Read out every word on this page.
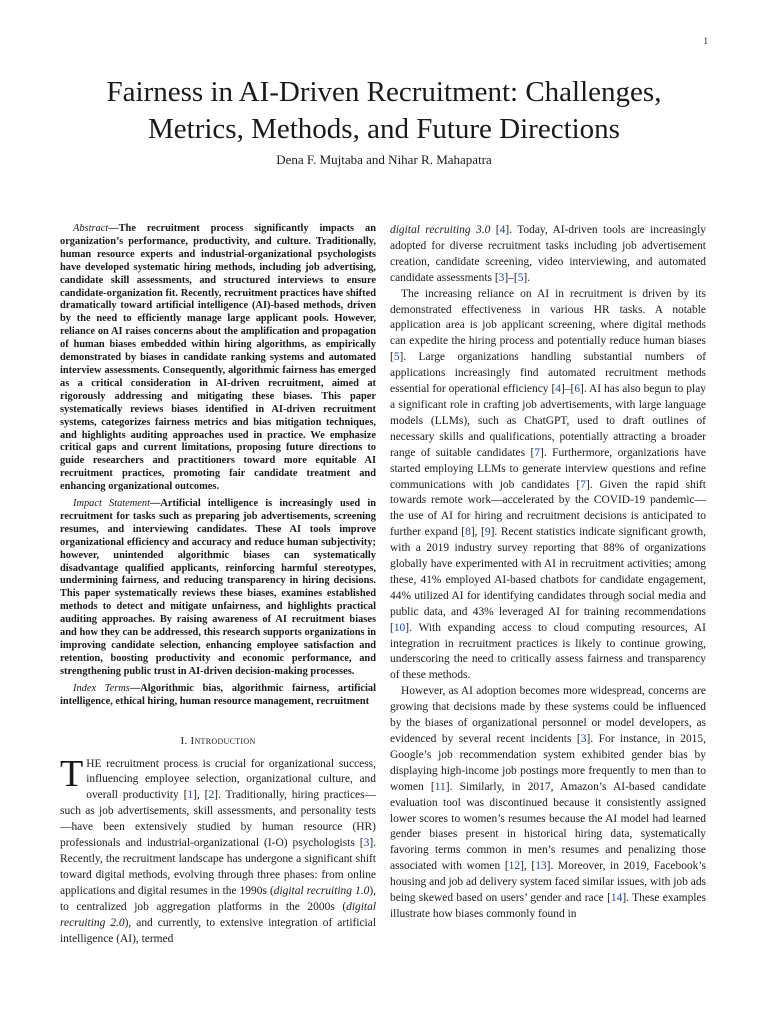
1
Fairness in AI-Driven Recruitment: Challenges, Metrics, Methods, and Future Directions
Dena F. Mujtaba and Nihar R. Mahapatra

Abstract—The recruitment process significantly impacts an organization’s performance, productivity, and culture. Traditionally, human resource experts and industrial-organizational psychologists have developed systematic hiring methods, including job advertising, candidate skill assessments, and structured interviews to ensure candidate-organization fit. Recently, recruitment practices have shifted dramatically toward artificial intelligence (AI)-based methods, driven by the need to efficiently manage large applicant pools. However, reliance on AI raises concerns about the amplification and propagation of human biases embedded within hiring algorithms, as empirically demonstrated by biases in candidate ranking systems and automated interview assessments. Consequently, algorithmic fairness has emerged as a critical consideration in AI-driven recruitment, aimed at rigorously addressing and mitigating these biases. This paper systematically reviews biases identified in AI-driven recruitment systems, categorizes fairness metrics and bias mitigation techniques, and highlights auditing approaches used in practice. We emphasize critical gaps and current limitations, proposing future directions to guide researchers and practitioners toward more equitable AI recruitment practices, promoting fair candidate treatment and enhancing organizational outcomes.

Impact Statement—Artificial intelligence is increasingly used in recruitment for tasks such as preparing job advertisements, screening resumes, and interviewing candidates. These AI tools improve organizational efficiency and accuracy and reduce human subjectivity; however, unintended algorithmic biases can systematically disadvantage qualified applicants, reinforcing harmful stereotypes, undermining fairness, and reducing transparency in hiring decisions. This paper systematically reviews these biases, examines established methods to detect and mitigate unfairness, and highlights practical auditing approaches. By raising awareness of AI recruitment biases and how they can be addressed, this research supports organizations in improving candidate selection, enhancing employee satisfaction and retention, boosting productivity and economic performance, and strengthening public trust in AI-driven decision-making processes.

Index Terms—Algorithmic bias, algorithmic fairness, artificial intelligence, ethical hiring, human resource management, recruitment

I. Introduction

THE recruitment process is crucial for organizational success, influencing employee selection, organizational culture, and overall productivity [1], [2]. Traditionally, hiring practices—such as job advertisements, skill assessments, and personality tests—have been extensively studied by human resource (HR) professionals and industrial-organizational (I-O) psychologists [3]. Recently, the recruitment landscape has undergone a significant shift toward digital methods, evolving through three phases: from online applications and digital resumes in the 1990s (digital recruiting 1.0), to centralized job aggregation platforms in the 2000s (digital recruiting 2.0), and currently, to extensive integration of artificial intelligence (AI), termed

digital recruiting 3.0 [4]. Today, AI-driven tools are increasingly adopted for diverse recruitment tasks including job advertisement creation, candidate screening, video interviewing, and automated candidate assessments [3]–[5].

The increasing reliance on AI in recruitment is driven by its demonstrated effectiveness in various HR tasks. A notable application area is job applicant screening, where digital methods can expedite the hiring process and potentially reduce human biases [5]. Large organizations handling substantial numbers of applications increasingly find automated recruitment methods essential for operational efficiency [4]–[6]. AI has also begun to play a significant role in crafting job advertisements, with large language models (LLMs), such as ChatGPT, used to draft outlines of necessary skills and qualifications, potentially attracting a broader range of suitable candidates [7]. Furthermore, organizations have started employing LLMs to generate interview questions and refine communications with job candidates [7]. Given the rapid shift towards remote work—accelerated by the COVID-19 pandemic—the use of AI for hiring and recruitment decisions is anticipated to further expand [8], [9]. Recent statistics indicate significant growth, with a 2019 industry survey reporting that 88% of organizations globally have experimented with AI in recruitment activities; among these, 41% employed AI-based chatbots for candidate engagement, 44% utilized AI for identifying candidates through social media and public data, and 43% leveraged AI for training recommendations [10]. With expanding access to cloud computing resources, AI integration in recruitment practices is likely to continue growing, underscoring the need to critically assess fairness and transparency of these methods.

However, as AI adoption becomes more widespread, concerns are growing that decisions made by these systems could be influenced by the biases of organizational personnel or model developers, as evidenced by several recent incidents [3]. For instance, in 2015, Google’s job recommendation system exhibited gender bias by displaying high-income job postings more frequently to men than to women [11]. Similarly, in 2017, Amazon’s AI-based candidate evaluation tool was discontinued because it consistently assigned lower scores to women’s resumes because the AI model had learned gender biases present in historical hiring data, systematically favoring terms common in men’s resumes and penalizing those associated with women [12], [13]. Moreover, in 2019, Facebook’s housing and job ad delivery system faced similar issues, with job ads being skewed based on users’ gender and race [14]. These examples illustrate how biases commonly found in
